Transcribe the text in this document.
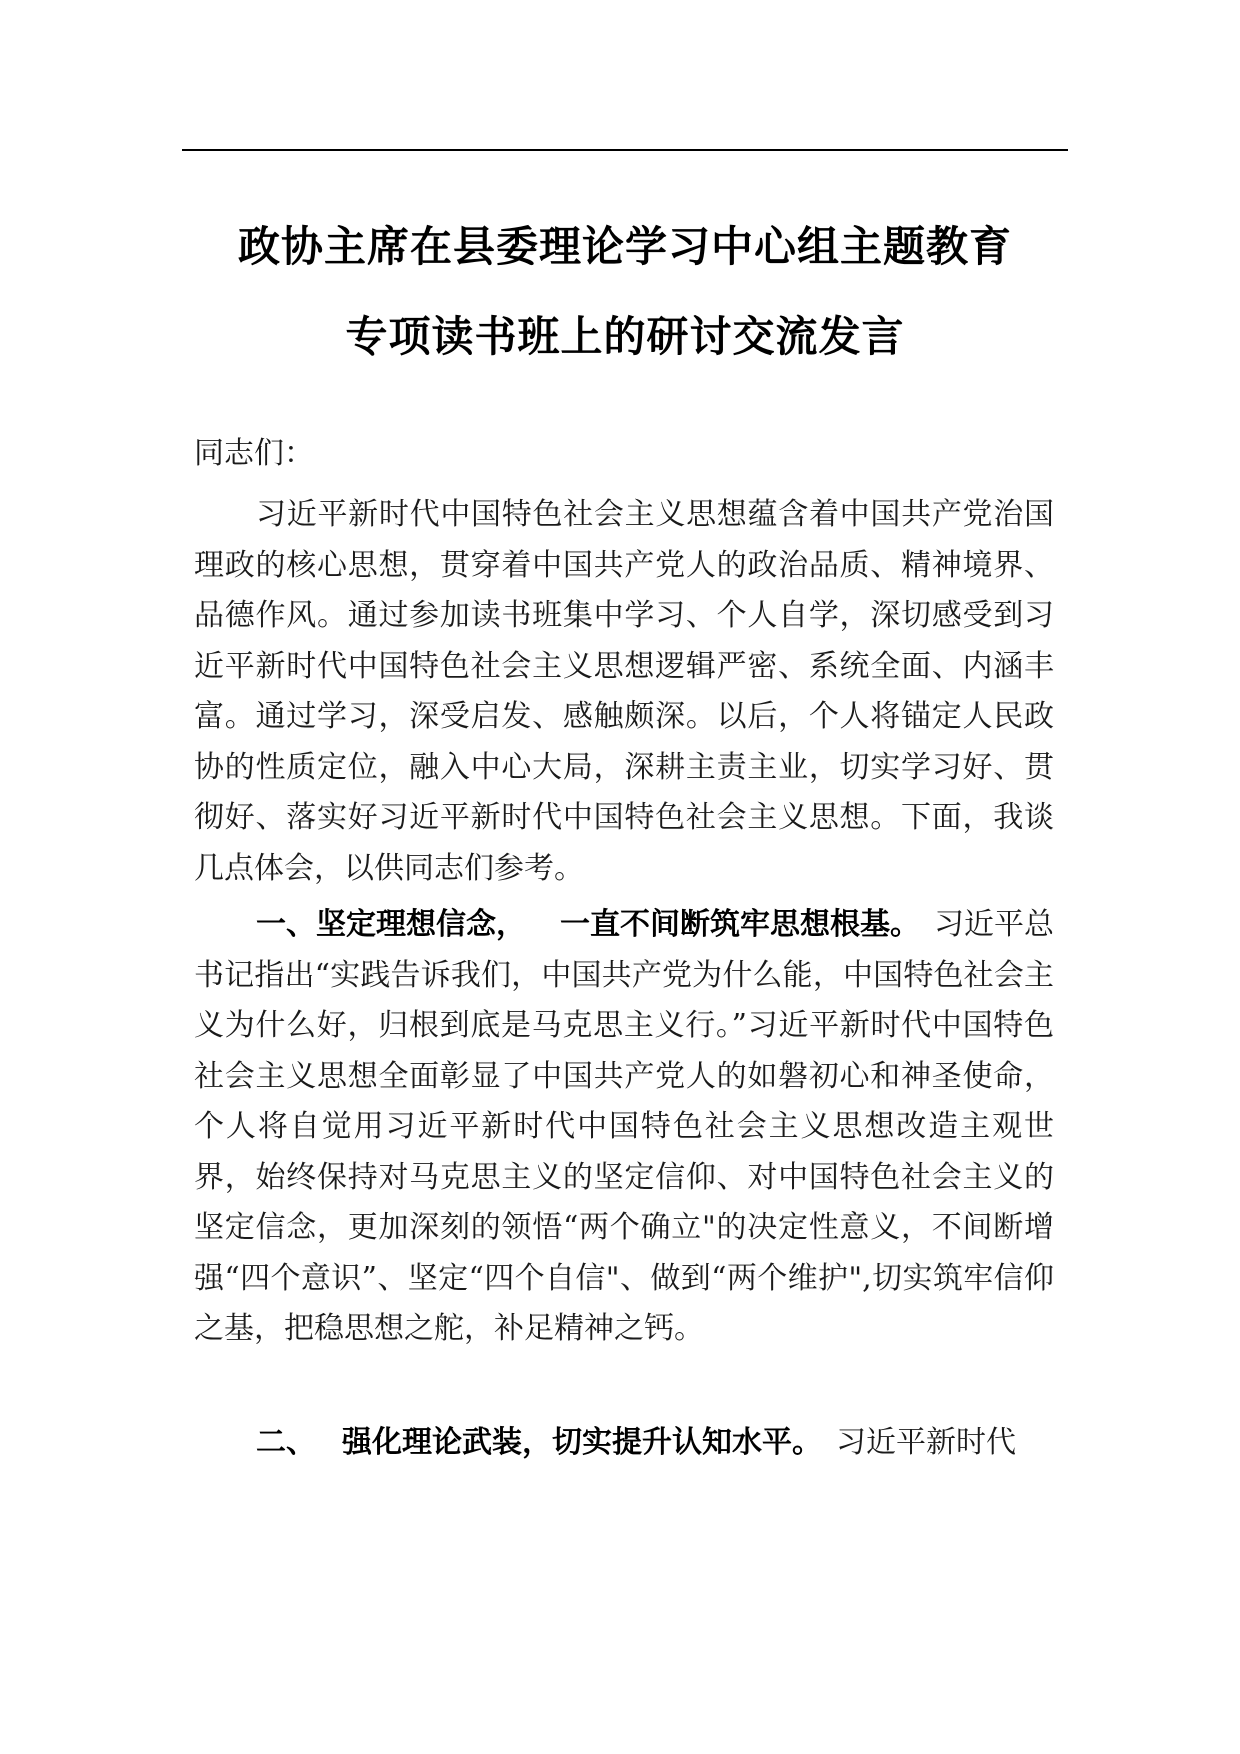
政协主席在县委理论学习中心组主题教育
专项读书班上的研讨交流发言
同志们：

习近平新时代中国特色社会主义思想蕴含着中国共产党治国理政的核心思想，贯穿着中国共产党人的政治品质、精神境界、品德作风。通过参加读书班集中学习、个人自学，深切感受到习近平新时代中国特色社会主义思想逻辑严密、系统全面、内涵丰富。通过学习，深受启发、感触颇深。以后，个人将锚定人民政协的性质定位，融入中心大局，深耕主责主业，切实学习好、贯彻好、落实好习近平新时代中国特色社会主义思想。下面，我谈几点体会，以供同志们参考。

一、坚定理想信念， 一直不间断筑牢思想根基。 习近平总书记指出“实践告诉我们，中国共产党为什么能，中国特色社会主义为什么好，归根到底是马克思主义行。”习近平新时代中国特色社会主义思想全面彰显了中国共产党人的如磐初心和神圣使命，个人将自觉用习近平新时代中国特色社会主义思想改造主观世界，始终保持对马克思主义的坚定信仰、对中国特色社会主义的坚定信念，更加深刻的领悟“两个确立"的决定性意义，不间断增强“四个意识”、坚定“四个自信"、做到“两个维护",切实筑牢信仰之基，把稳思想之舵，补足精神之钙。

二、 强化理论武装，切实提升认知水平。 习近平新时代
